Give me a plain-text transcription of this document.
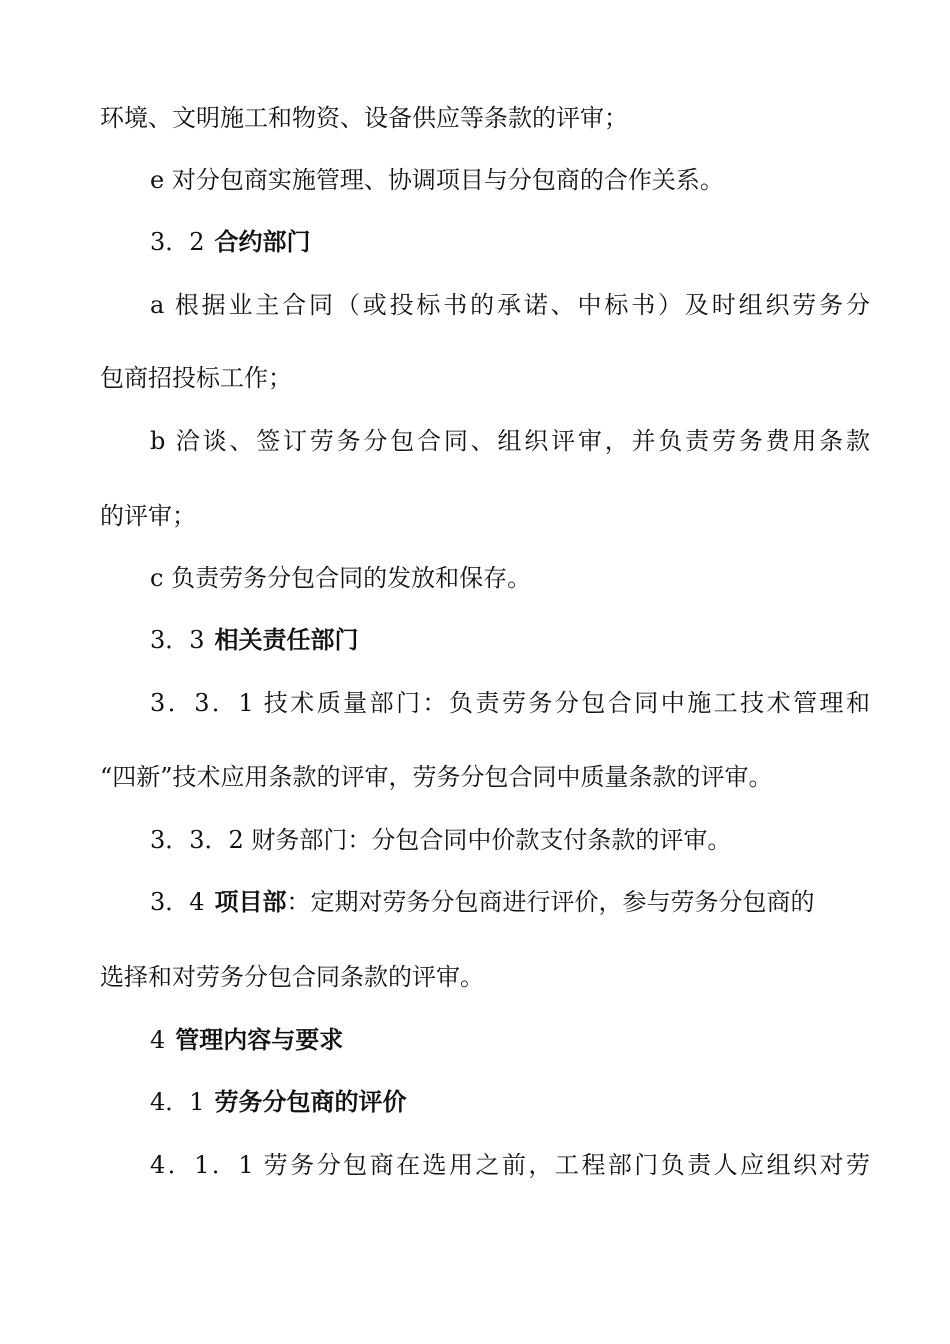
环境、文明施工和物资、设备供应等条款的评审；
e 对分包商实施管理、协调项目与分包商的合作关系。
3．2 合约部门
a 根据业主合同（或投标书的承诺、中标书）及时组织劳务分
包商招投标工作；
b 洽谈、签订劳务分包合同、组织评审，并负责劳务费用条款
的评审；
c 负责劳务分包合同的发放和保存。
3．3 相关责任部门
3．3．1 技术质量部门：负责劳务分包合同中施工技术管理和
“四新”技术应用条款的评审，劳务分包合同中质量条款的评审。
3．3．2 财务部门：分包合同中价款支付条款的评审。
3．4 项目部：定期对劳务分包商进行评价，参与劳务分包商的
选择和对劳务分包合同条款的评审。
4 管理内容与要求
4．1 劳务分包商的评价
4．1．1 劳务分包商在选用之前，工程部门负责人应组织对劳
